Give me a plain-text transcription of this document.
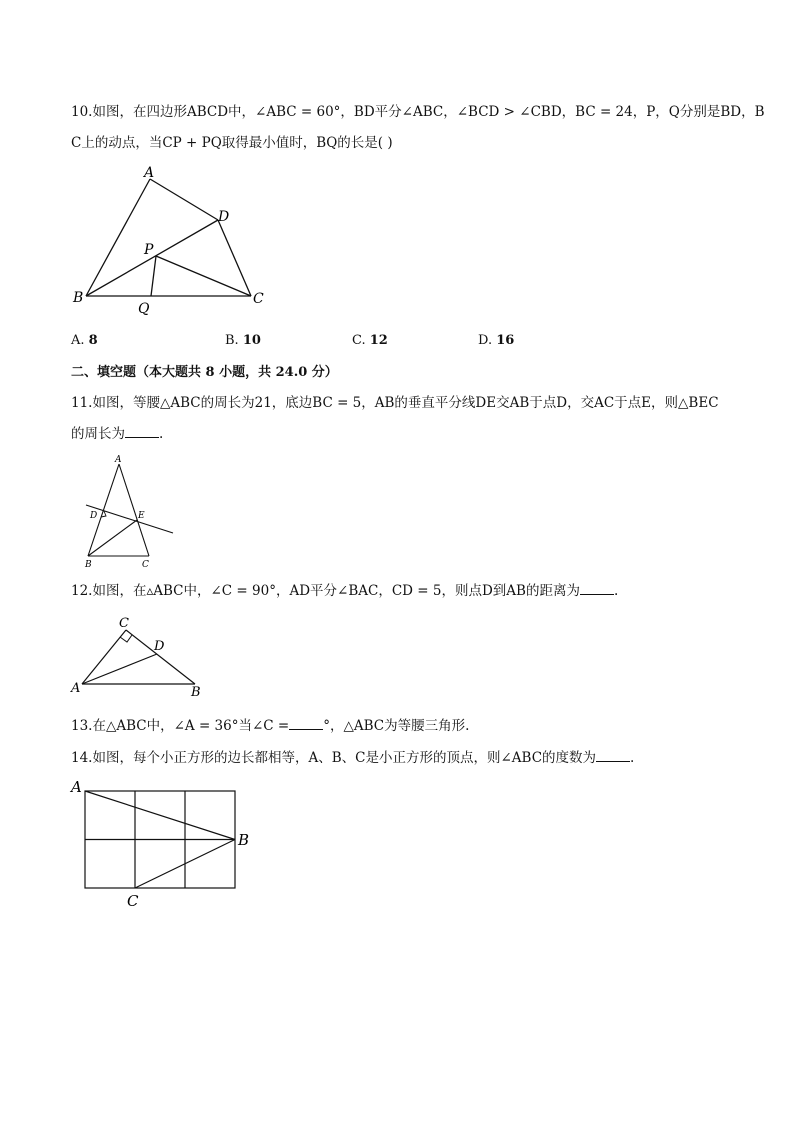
10.如图，在四边形ABCD中，∠ABC = 60°，BD平分∠ABC，∠BCD > ∠CBD，BC = 24，P，Q分别是BD，B
C上的动点，当CP + PQ取得最小值时，BQ的长是( )
A
D
P
B	C
Q
A. 8	B. 10	C. 12	D. 16
二、填空题（本大题共 8 小题，共 24.0 分）
11.如图，等腰△ABC的周长为21，底边BC = 5，AB的垂直平分线DE交AB于点D，交AC于点E，则△BEC
的周长为	.
A
D	E
B	C
12.如图，在▵ABC中，∠C = 90°，AD平分∠BAC，CD = 5，则点D到AB的距离为	.
C
D
A	B
13.在△ABC中，∠A = 36°当∠C =	°，△ABC为等腰三角形.
14.如图，每个小正方形的边长都相等，A、B、C是小正方形的顶点，则∠ABC的度数为	.
A
B
C
